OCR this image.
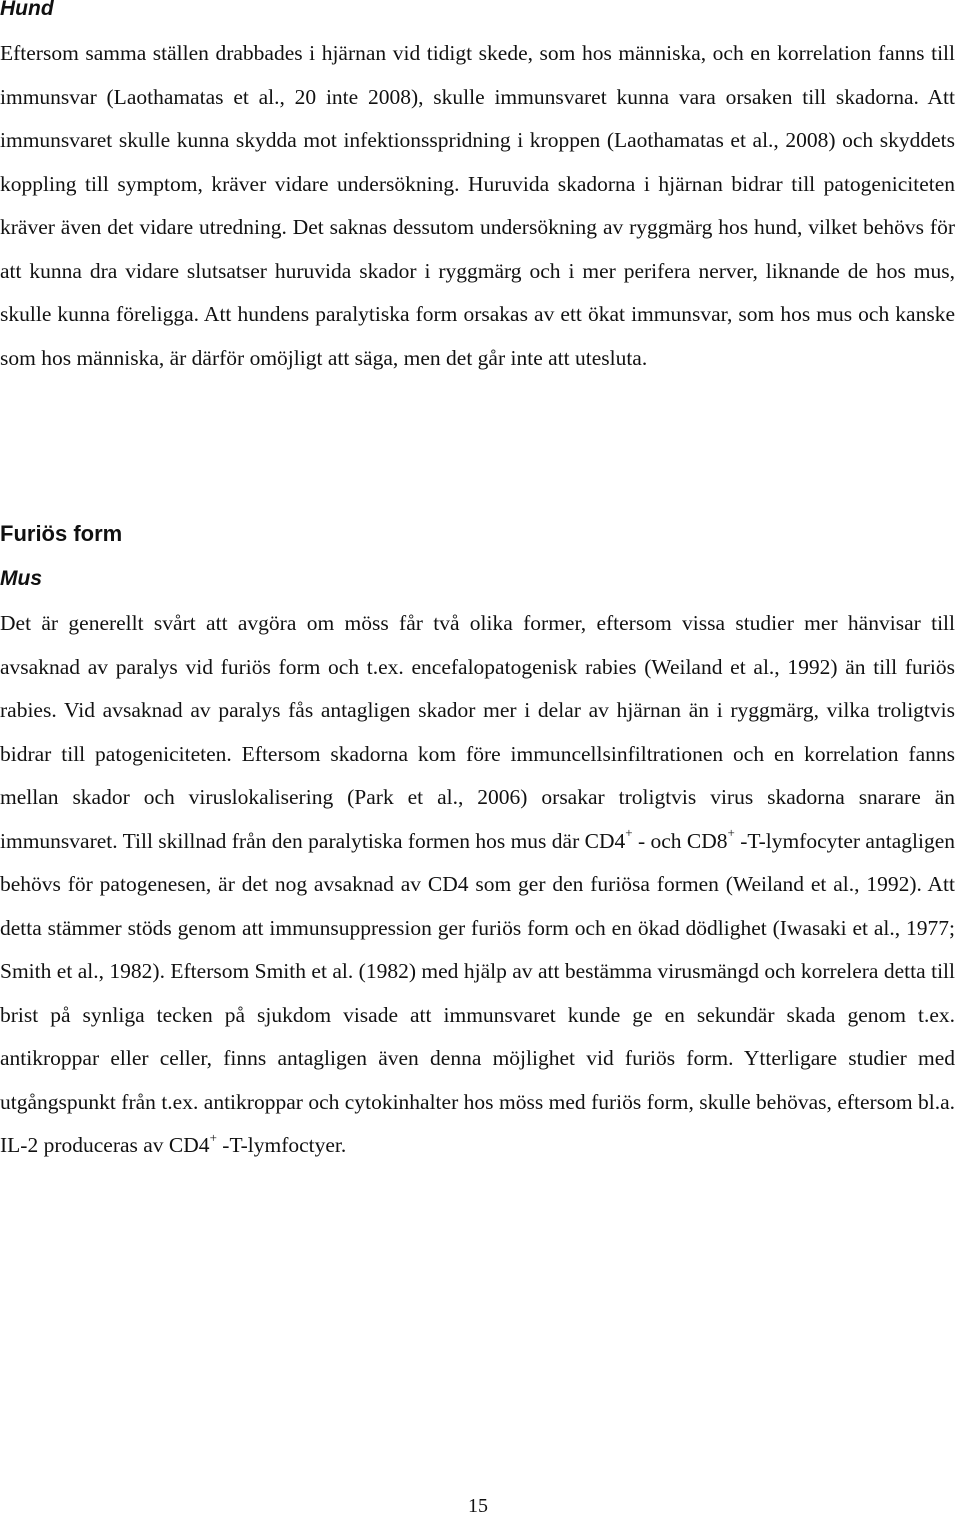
Hund

Eftersom samma ställen drabbades i hjärnan vid tidigt skede, som hos människa, och en korrelation fanns till immunsvar (Laothamatas et al., 20 inte 2008), skulle immunsvaret kunna vara orsaken till skadorna. Att immunsvaret skulle kunna skydda mot infektionsspridning i kroppen (Laothamatas et al., 2008) och skyddets koppling till symptom, kräver vidare undersökning. Huruvida skadorna i hjärnan bidrar till patogeniciteten kräver även det vidare utredning. Det saknas dessutom undersökning av ryggmärg hos hund, vilket behövs för att kunna dra vidare slutsatser huruvida skador i ryggmärg och i mer perifera nerver, liknande de hos mus, skulle kunna föreligga. Att hundens paralytiska form orsakas av ett ökat immunsvar, som hos mus och kanske som hos människa, är därför omöjligt att säga, men det går inte att utesluta.

Furiös form
Mus

Det är generellt svårt att avgöra om möss får två olika former, eftersom vissa studier mer hänvisar till avsaknad av paralys vid furiös form och t.ex. encefalopatogenisk rabies (Weiland et al., 1992) än till furiös rabies. Vid avsaknad av paralys fås antagligen skador mer i delar av hjärnan än i ryggmärg, vilka troligtvis bidrar till patogeniciteten. Eftersom skadorna kom före immuncellsinfiltrationen och en korrelation fanns mellan skador och viruslokalisering (Park et al., 2006) orsakar troligtvis virus skadorna snarare än immunsvaret. Till skillnad från den paralytiska formen hos mus där CD4+ - och CD8+ -T-lymfocyter antagligen behövs för patogenesen, är det nog avsaknad av CD4 som ger den furiösa formen (Weiland et al., 1992). Att detta stämmer stöds genom att immunsuppression ger furiös form och en ökad dödlighet (Iwasaki et al., 1977; Smith et al., 1982). Eftersom Smith et al. (1982) med hjälp av att bestämma virusmängd och korrelera detta till brist på synliga tecken på sjukdom visade att immunsvaret kunde ge en sekundär skada genom t.ex. antikroppar eller celler, finns antagligen även denna möjlighet vid furiös form. Ytterligare studier med utgångspunkt från t.ex. antikroppar och cytokinhalter hos möss med furiös form, skulle behövas, eftersom bl.a. IL-2 produceras av CD4+ -T-lymfoctyer.

15
